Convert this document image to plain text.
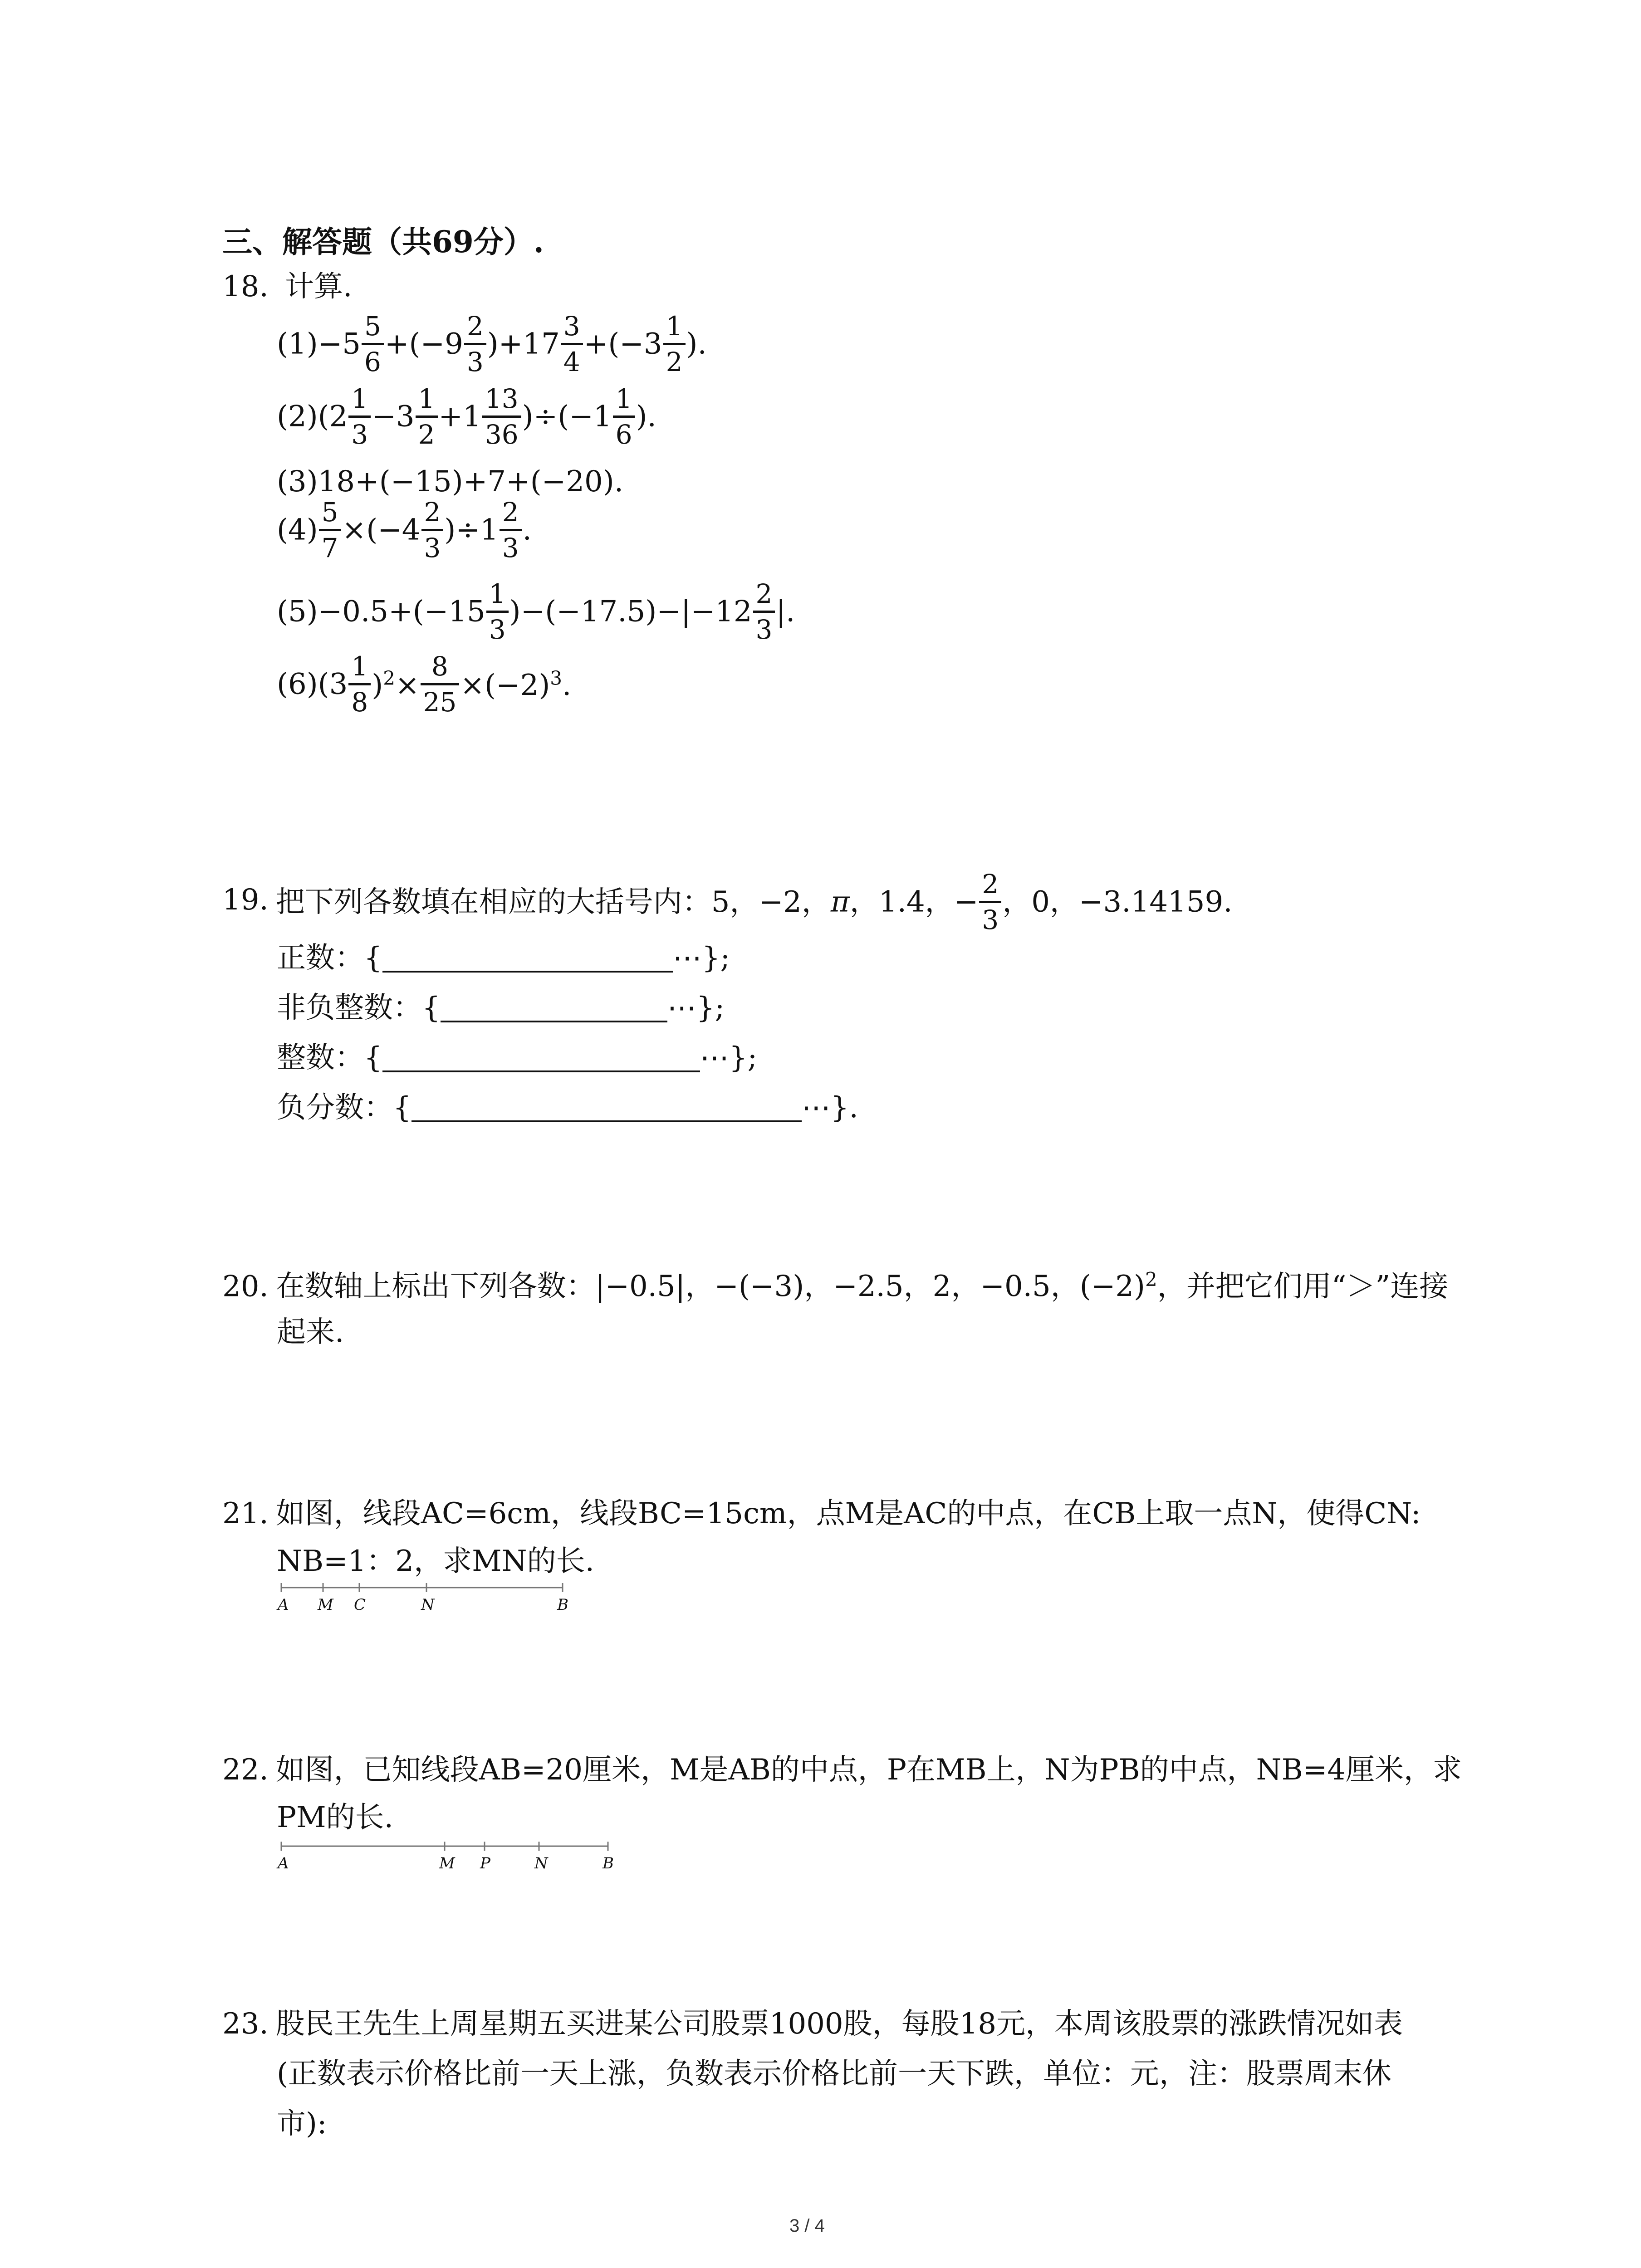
三、解答题（共69分）.
18. 计算.
$(1)-5 \frac{5}{6} +(-9 \frac{2}{3} )+17 \frac{3}{4} +(-3 \frac{1}{2}$ ).
$(2)(2 \frac{1}{3} -3 \frac{1}{2} +1 \frac{13}{36} )\div(-1 \frac{1}{6}$ ).
(3)18+(−15)+7+(−20).
$(4) \frac{5}{7} \times(-4 \frac{2}{3} )\div 1 \frac{2}{3}$ .
$(5)-0.5+(-15 \frac{1}{3} )-(-17.5)-|-12 \frac{2}{3}$ |.
$(6)(3 \frac{1}{8} )^2\times \frac{8}{25} \times(-2)^3$.
19. 把下列各数填在相应的大括号内：5，−2，π，1.4，− $\frac{2}{3}$ ，0，−3.14159.
正数：{	⋯};
非负整数：{	⋯};
整数：{	⋯};
负分数：{	⋯}.
20. 在数轴上标出下列各数：|−0.5|，−(−3)，−2.5，2，−0.5，$(-2)^2$，并把它们用“＞”连接
起来.
21. 如图，线段AC=6cm，线段BC=15cm，点M是AC的中点，在CB上取一点N，使得CN:
NB=1：2，求MN的长.
A M C	N	B
22. 如图，已知线段AB=20厘米，M是AB的中点，P在MB上，N为PB的中点，NB=4厘米，求
PM的长.
A	M P	N	B
23. 股民王先生上周星期五买进某公司股票1000股，每股18元，本周该股票的涨跌情况如表
(正数表示价格比前一天上涨，负数表示价格比前一天下跌，单位：元，注：股票周末休
市):
3 / 4
